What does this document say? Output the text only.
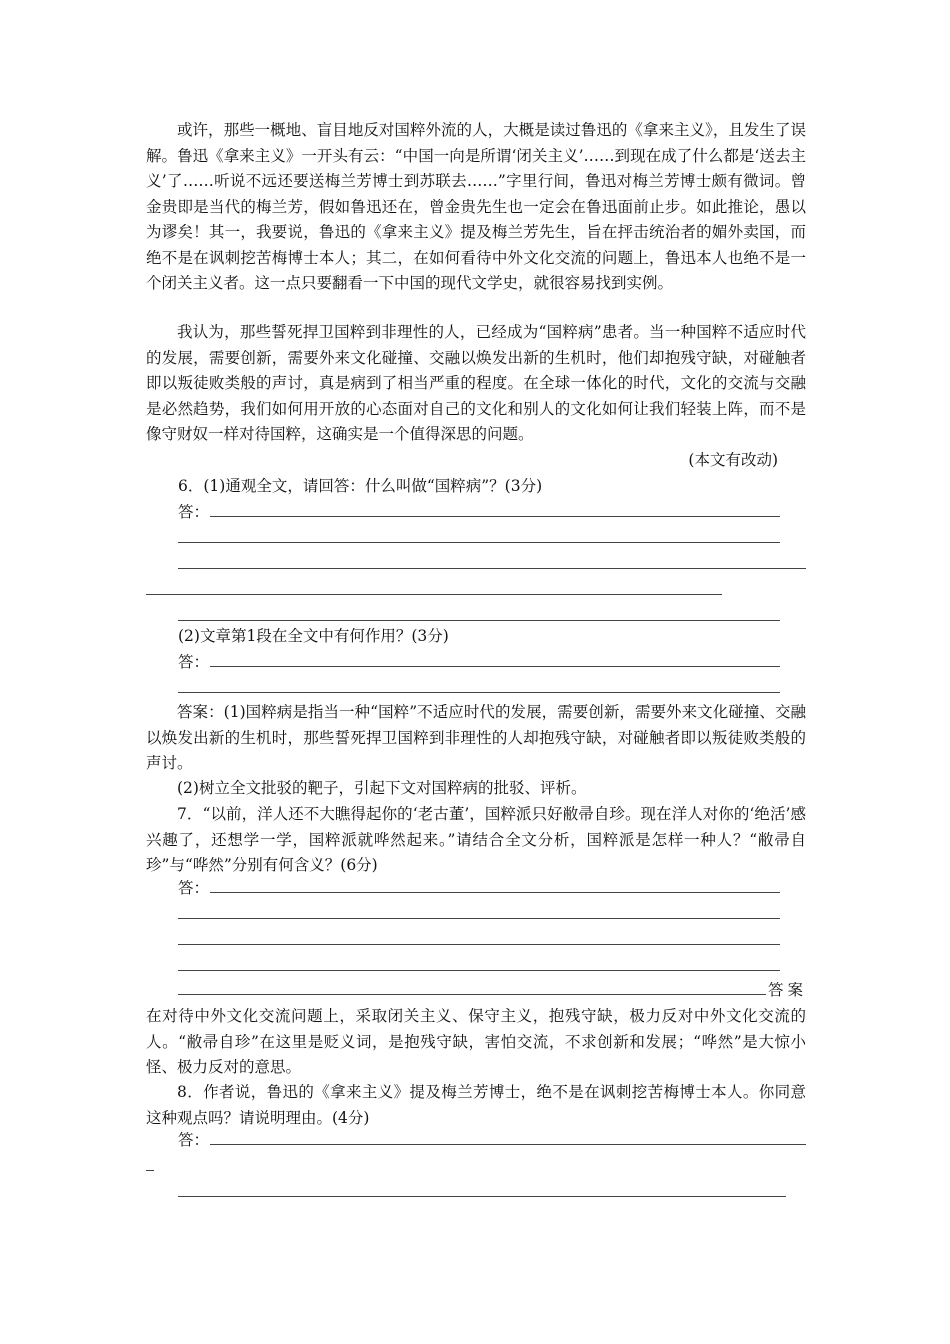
或许，那些一概地、盲目地反对国粹外流的人，大概是读过鲁迅的《拿来主义》，且发生了误解。鲁迅《拿来主义》一开头有云：“中国一向是所谓‘闭关主义’……到现在成了什么都是‘送去主义’了……听说不远还要送梅兰芳博士到苏联去……”字里行间，鲁迅对梅兰芳博士颇有微词。曾金贵即是当代的梅兰芳，假如鲁迅还在，曾金贵先生也一定会在鲁迅面前止步。如此推论，愚以为谬矣！其一，我要说，鲁迅的《拿来主义》提及梅兰芳先生，旨在抨击统治者的媚外卖国，而绝不是在讽刺挖苦梅博士本人；其二，在如何看待中外文化交流的问题上，鲁迅本人也绝不是一个闭关主义者。这一点只要翻看一下中国的现代文学史，就很容易找到实例。

我认为，那些誓死捍卫国粹到非理性的人，已经成为“国粹病”患者。当一种国粹不适应时代的发展，需要创新，需要外来文化碰撞、交融以焕发出新的生机时，他们却抱残守缺，对碰触者即以叛徒败类般的声讨，真是病到了相当严重的程度。在全球一体化的时代，文化的交流与交融是必然趋势，我们如何用开放的心态面对自己的文化和别人的文化如何让我们轻装上阵，而不是像守财奴一样对待国粹，这确实是一个值得深思的问题。

(本文有改动)
6．(1)通观全文，请回答：什么叫做“国粹病”？(3分)
答：
(2)文章第1段在全文中有何作用？(3分)
答：

答案：(1)国粹病是指当一种“国粹”不适应时代的发展，需要创新，需要外来文化碰撞、交融以焕发出新的生机时，那些誓死捍卫国粹到非理性的人却抱残守缺，对碰触者即以叛徒败类般的声讨。

(2)树立全文批驳的靶子，引起下文对国粹病的批驳、评析。

7．“以前，洋人还不大瞧得起你的‘老古董’，国粹派只好敝帚自珍。现在洋人对你的‘绝活’感兴趣了，还想学一学，国粹派就哗然起来。”请结合全文分析，国粹派是怎样一种人？“敝帚自珍”与“哗然”分别有何含义？(6分)

答：
答案

在对待中外文化交流问题上，采取闭关主义、保守主义，抱残守缺，极力反对中外文化交流的人。“敝帚自珍”在这里是贬义词，是抱残守缺，害怕交流，不求创新和发展；“哗然”是大惊小怪、极力反对的意思。

8．作者说，鲁迅的《拿来主义》提及梅兰芳博士，绝不是在讽刺挖苦梅博士本人。你同意这种观点吗？请说明理由。(4分)

答：
